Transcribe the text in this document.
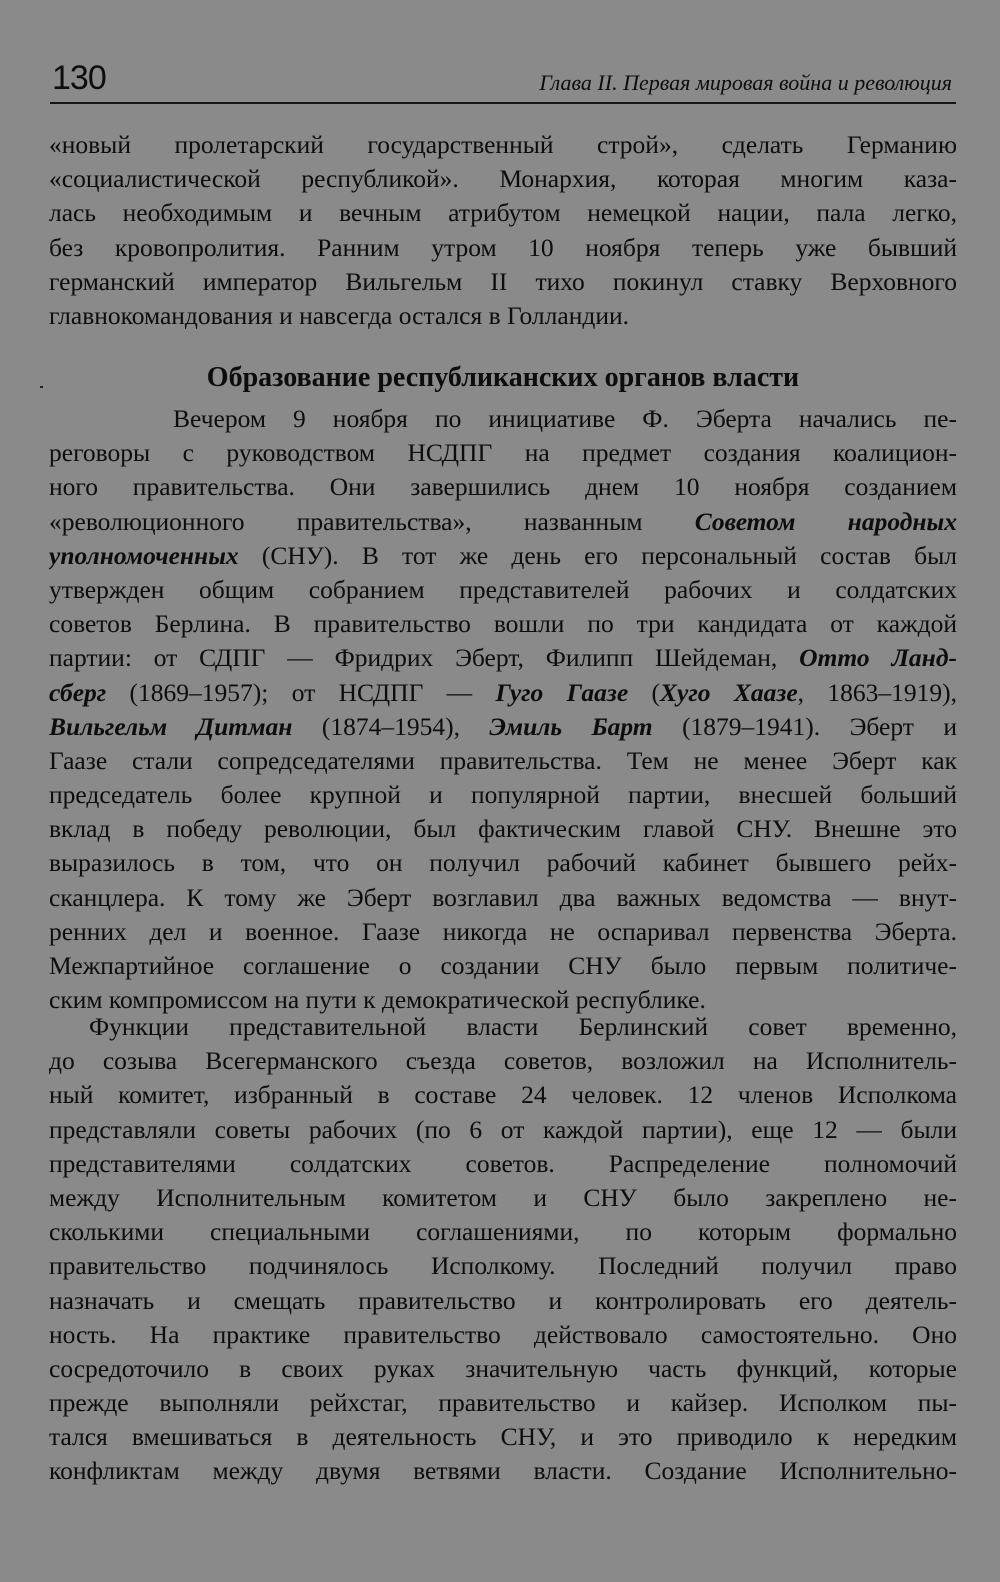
130	Глава II. Первая мировая война и революция
«новый пролетарский государственный строй», сделать Германию
«социалистической республикой». Монархия, которая многим каза-
лась необходимым и вечным атрибутом немецкой нации, пала легко,
без кровопролития. Ранним утром 10 ноября теперь уже бывший
германский император Вильгельм II тихо покинул ставку Верховного
главнокомандования и навсегда остался в Голландии.
Образование республиканских органов власти
Вечером 9 ноября по инициативе Ф. Эберта начались пе-
реговоры с руководством НСДПГ на предмет создания коалицион-
ного правительства. Они завершились днем 10 ноября созданием
«революционного правительства», названным Советом народных
уполномоченных (СНУ). В тот же день его персональный состав был
утвержден общим собранием представителей рабочих и солдатских
советов Берлина. В правительство вошли по три кандидата от каждой
партии: от СДПГ — Фридрих Эберт, Филипп Шейдеман, Отто Ланд-
сберг (1869–1957); от НСДПГ — Гуго Гаазе (Хуго Хаазе, 1863–1919),
Вильгельм Дитман (1874–1954), Эмиль Барт (1879–1941). Эберт и
Гаазе стали сопредседателями правительства. Тем не менее Эберт как
председатель более крупной и популярной партии, внесшей больший
вклад в победу революции, был фактическим главой СНУ. Внешне это
выразилось в том, что он получил рабочий кабинет бывшего рейх-
сканцлера. К тому же Эберт возглавил два важных ведомства — внут-
ренних дел и военное. Гаазе никогда не оспаривал первенства Эберта.
Межпартийное соглашение о создании СНУ было первым политиче-
ским компромиссом на пути к демократической республике.
Функции представительной власти Берлинский совет временно,
до созыва Всегерманского съезда советов, возложил на Исполнитель-
ный комитет, избранный в составе 24 человек. 12 членов Исполкома
представляли советы рабочих (по 6 от каждой партии), еще 12 — были
представителями солдатских советов. Распределение полномочий
между Исполнительным комитетом и СНУ было закреплено не-
сколькими специальными соглашениями, по которым формально
правительство подчинялось Исполкому. Последний получил право
назначать и смещать правительство и контролировать его деятель-
ность. На практике правительство действовало самостоятельно. Оно
сосредоточило в своих руках значительную часть функций, которые
прежде выполняли рейхстаг, правительство и кайзер. Исполком пы-
тался вмешиваться в деятельность СНУ, и это приводило к нередким
конфликтам между двумя ветвями власти. Создание Исполнительно-
